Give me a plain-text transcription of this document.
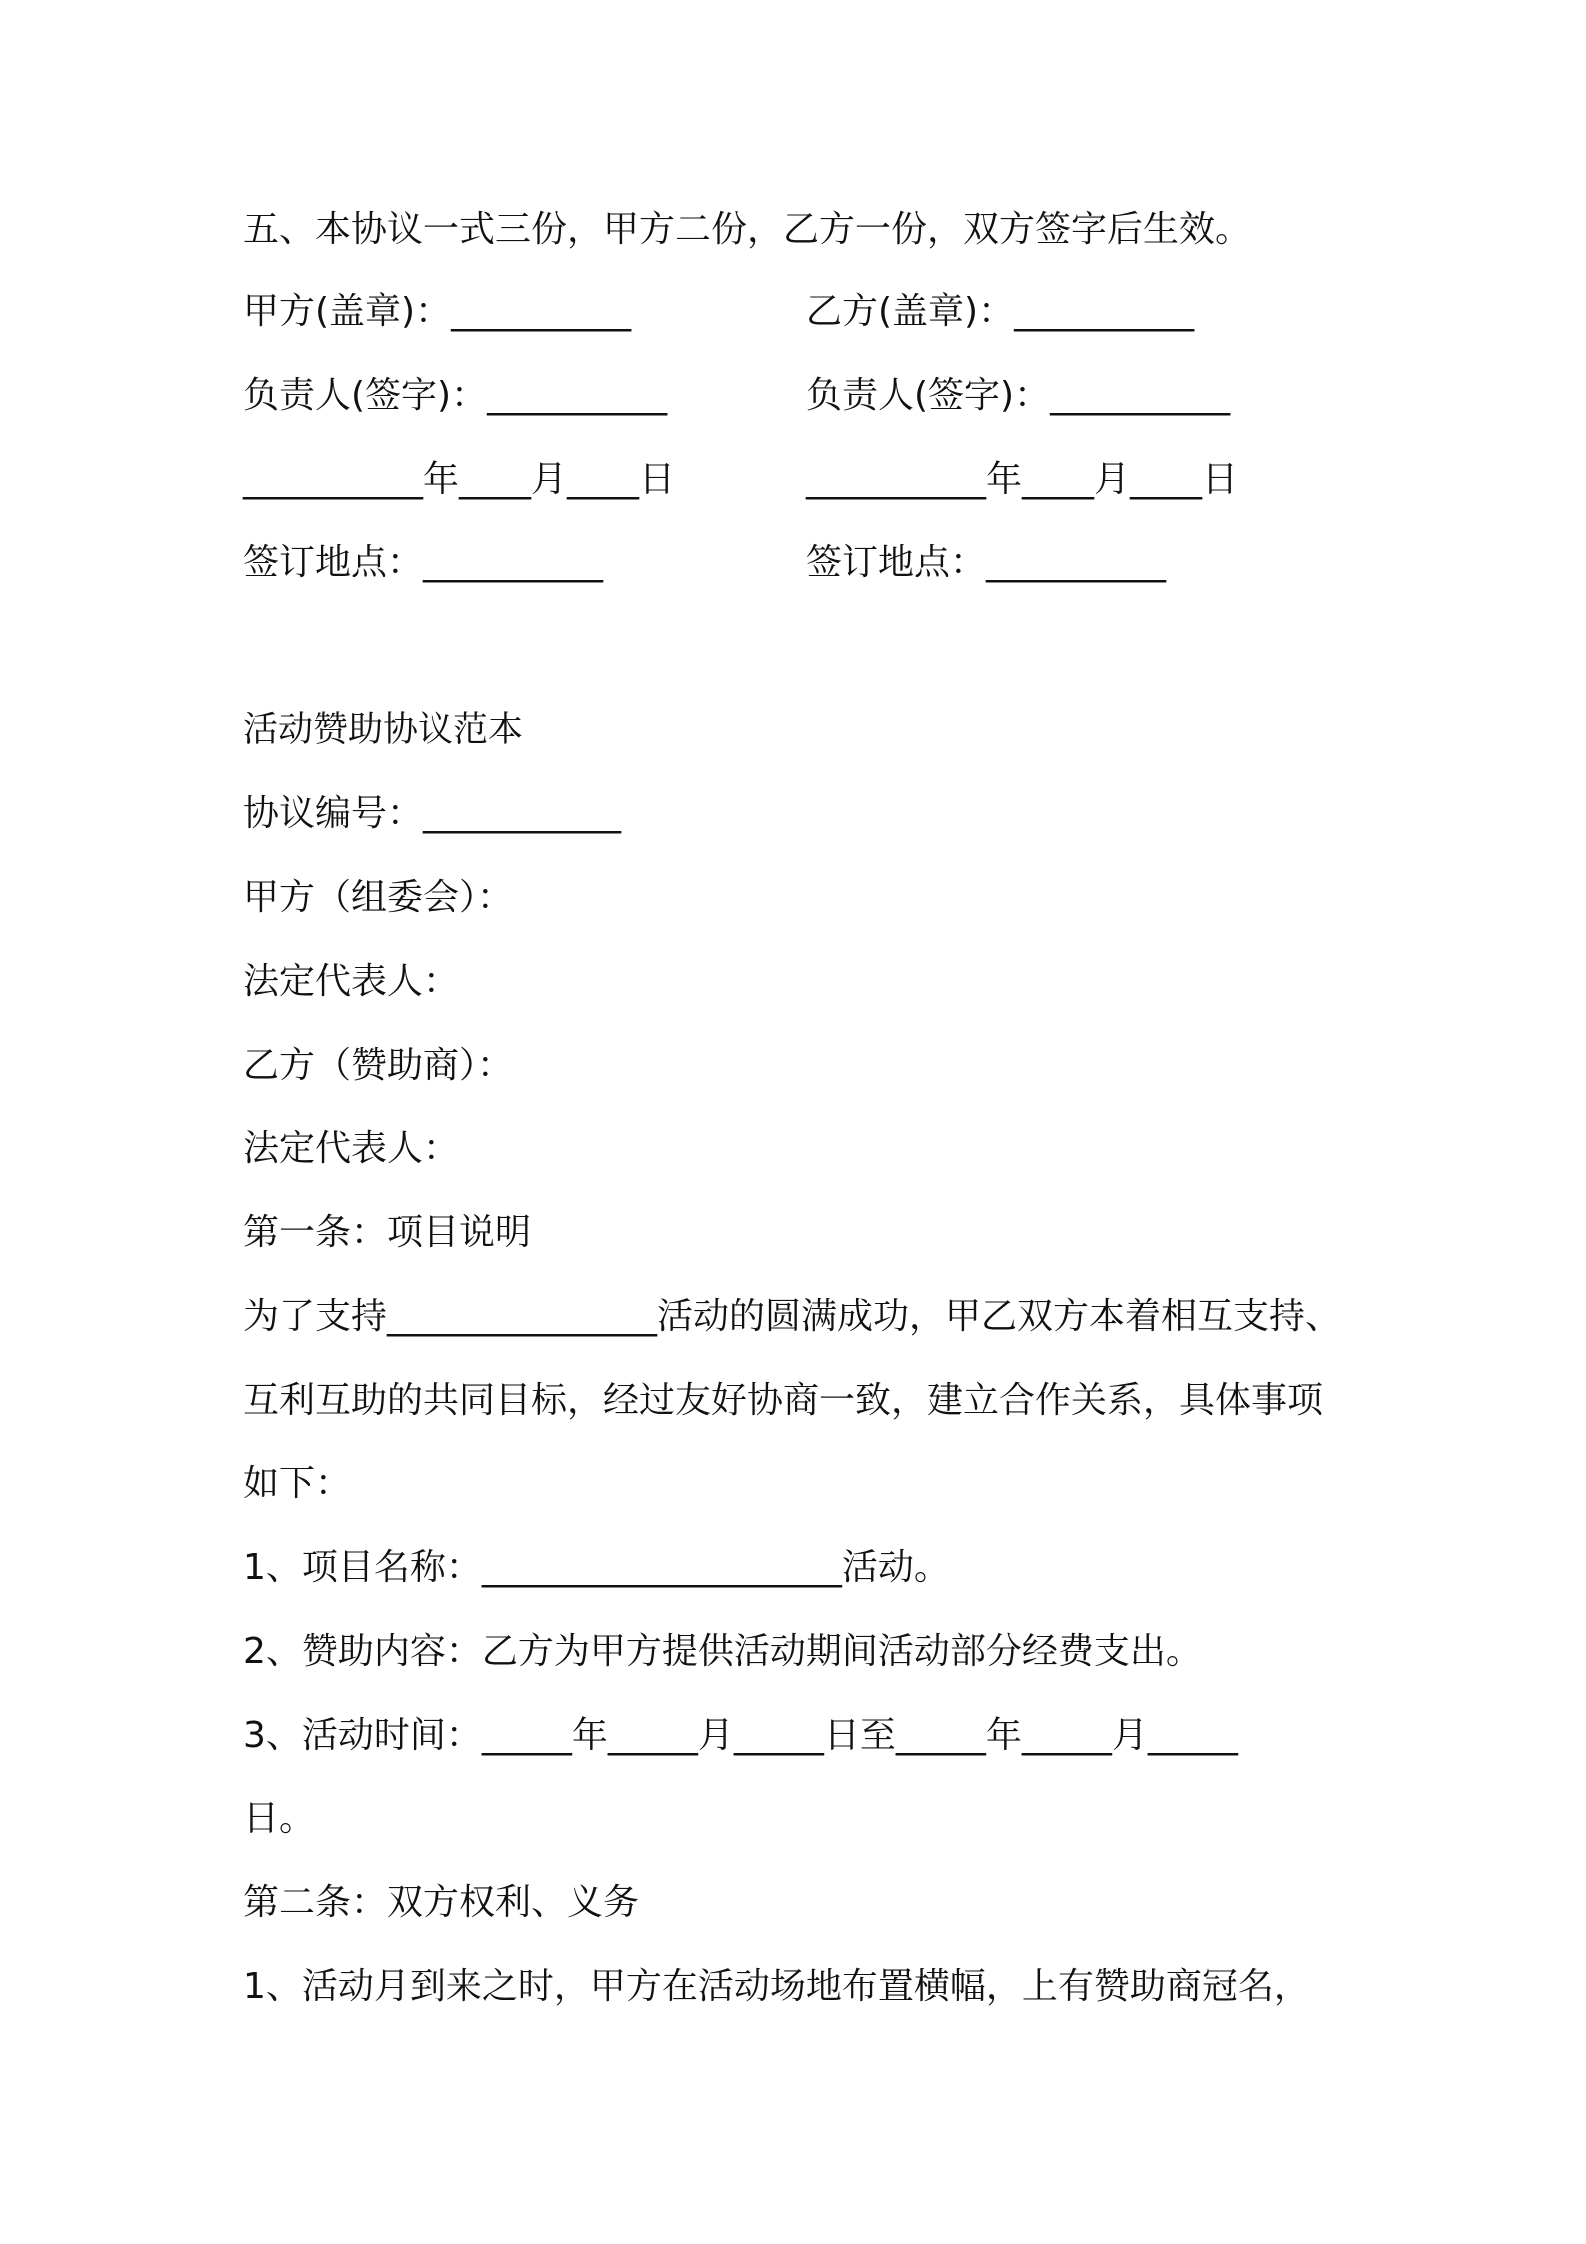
五、本协议一式三份，甲方二份，乙方一份，双方签字后生效。
甲方(盖章)：__________	乙方(盖章)：__________
负责人(签字)：__________	负责人(签字)：__________
__________年____月____日	__________年____月____日
签订地点：__________	签订地点：__________
活动赞助协议范本
协议编号：___________
甲方（组委会）：
法定代表人：
乙方（赞助商）：
法定代表人：
第一条：项目说明
为了支持_______________活动的圆满成功，甲乙双方本着相互支持、
互利互助的共同目标，经过友好协商一致，建立合作关系，具体事项
如下：
1、项目名称：____________________活动。
2、赞助内容：乙方为甲方提供活动期间活动部分经费支出。
3、活动时间：_____年_____月_____日至_____年_____月_____
日。
第二条：双方权利、义务
1、活动月到来之时，甲方在活动场地布置横幅，上有赞助商冠名，
